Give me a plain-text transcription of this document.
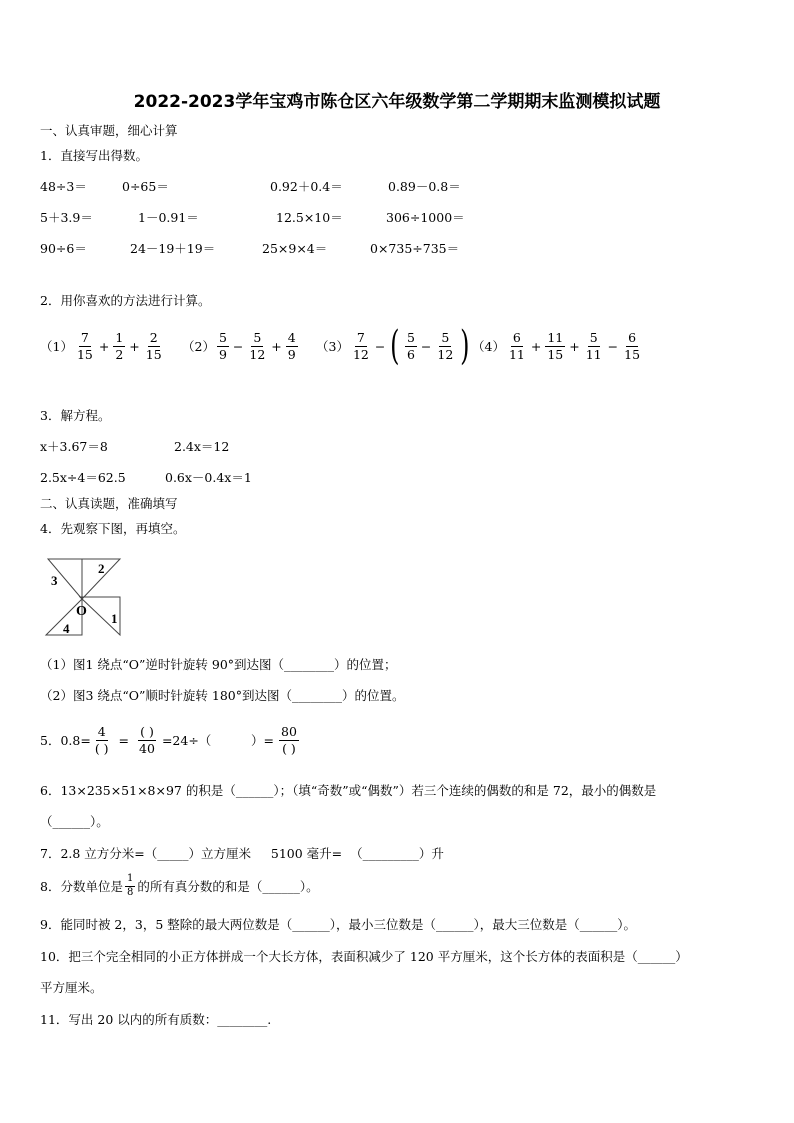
2022-2023学年宝鸡市陈仓区六年级数学第二学期期末监测模拟试题
一、认真审题，细心计算
1．直接写出得数。
48÷3＝	0÷65＝	0.92＋0.4＝	0.89－0.8＝
5＋3.9＝	1－0.91＝	12.5×10＝	306÷1000＝
90÷6＝	24－19＋19＝	25×9×4＝	0×735÷735＝
2．用你喜欢的方法进行计算。
$(1) \frac{7}{15} + \frac{1}{2} + \frac{2}{15} (2) \frac{5}{9} - \frac{5}{12} + \frac{4}{9} (3) \frac{7}{12}$ − ( $\frac{5}{6} - \frac{5}{12}$ ) $(4) \frac{6}{11} + \frac{11}{15} + \frac{5}{11} - \frac{6}{15}$
3．解方程。
x＋3.67＝8	2.4x＝12
2.5x÷4＝62.5	0.6x－0.4x＝1
二、认真读题，准确填写
4．先观察下图，再填空。
3
2
1
4
O
（1）图1 绕点“O”逆时针旋转 90°到达图（________）的位置；
（2）图3 绕点“O”顺时针旋转 180°到达图（________）的位置。
5．$0.8= \frac{4}{( )} = \frac{( )}{40} =24\div$（          ）= $\frac{80}{( )}$
6．13×235×51×8×97 的积是（______）；（填“奇数”或“偶数”）若三个连续的偶数的和是 72，最小的偶数是
（______）。
7．2.8 立方分米=（_____）立方厘米     5100 毫升=  （_________）升
8．分数单位是 $\frac{1}{8}$ 的所有真分数的和是（______）。
9．能同时被 2，3，5 整除的最大两位数是（______），最小三位数是（______），最大三位数是（______）。
10．把三个完全相同的小正方体拼成一个大长方体，表面积减少了 120 平方厘米，这个长方体的表面积是（______）
平方厘米。
11．写出 20 以内的所有质数：________.
